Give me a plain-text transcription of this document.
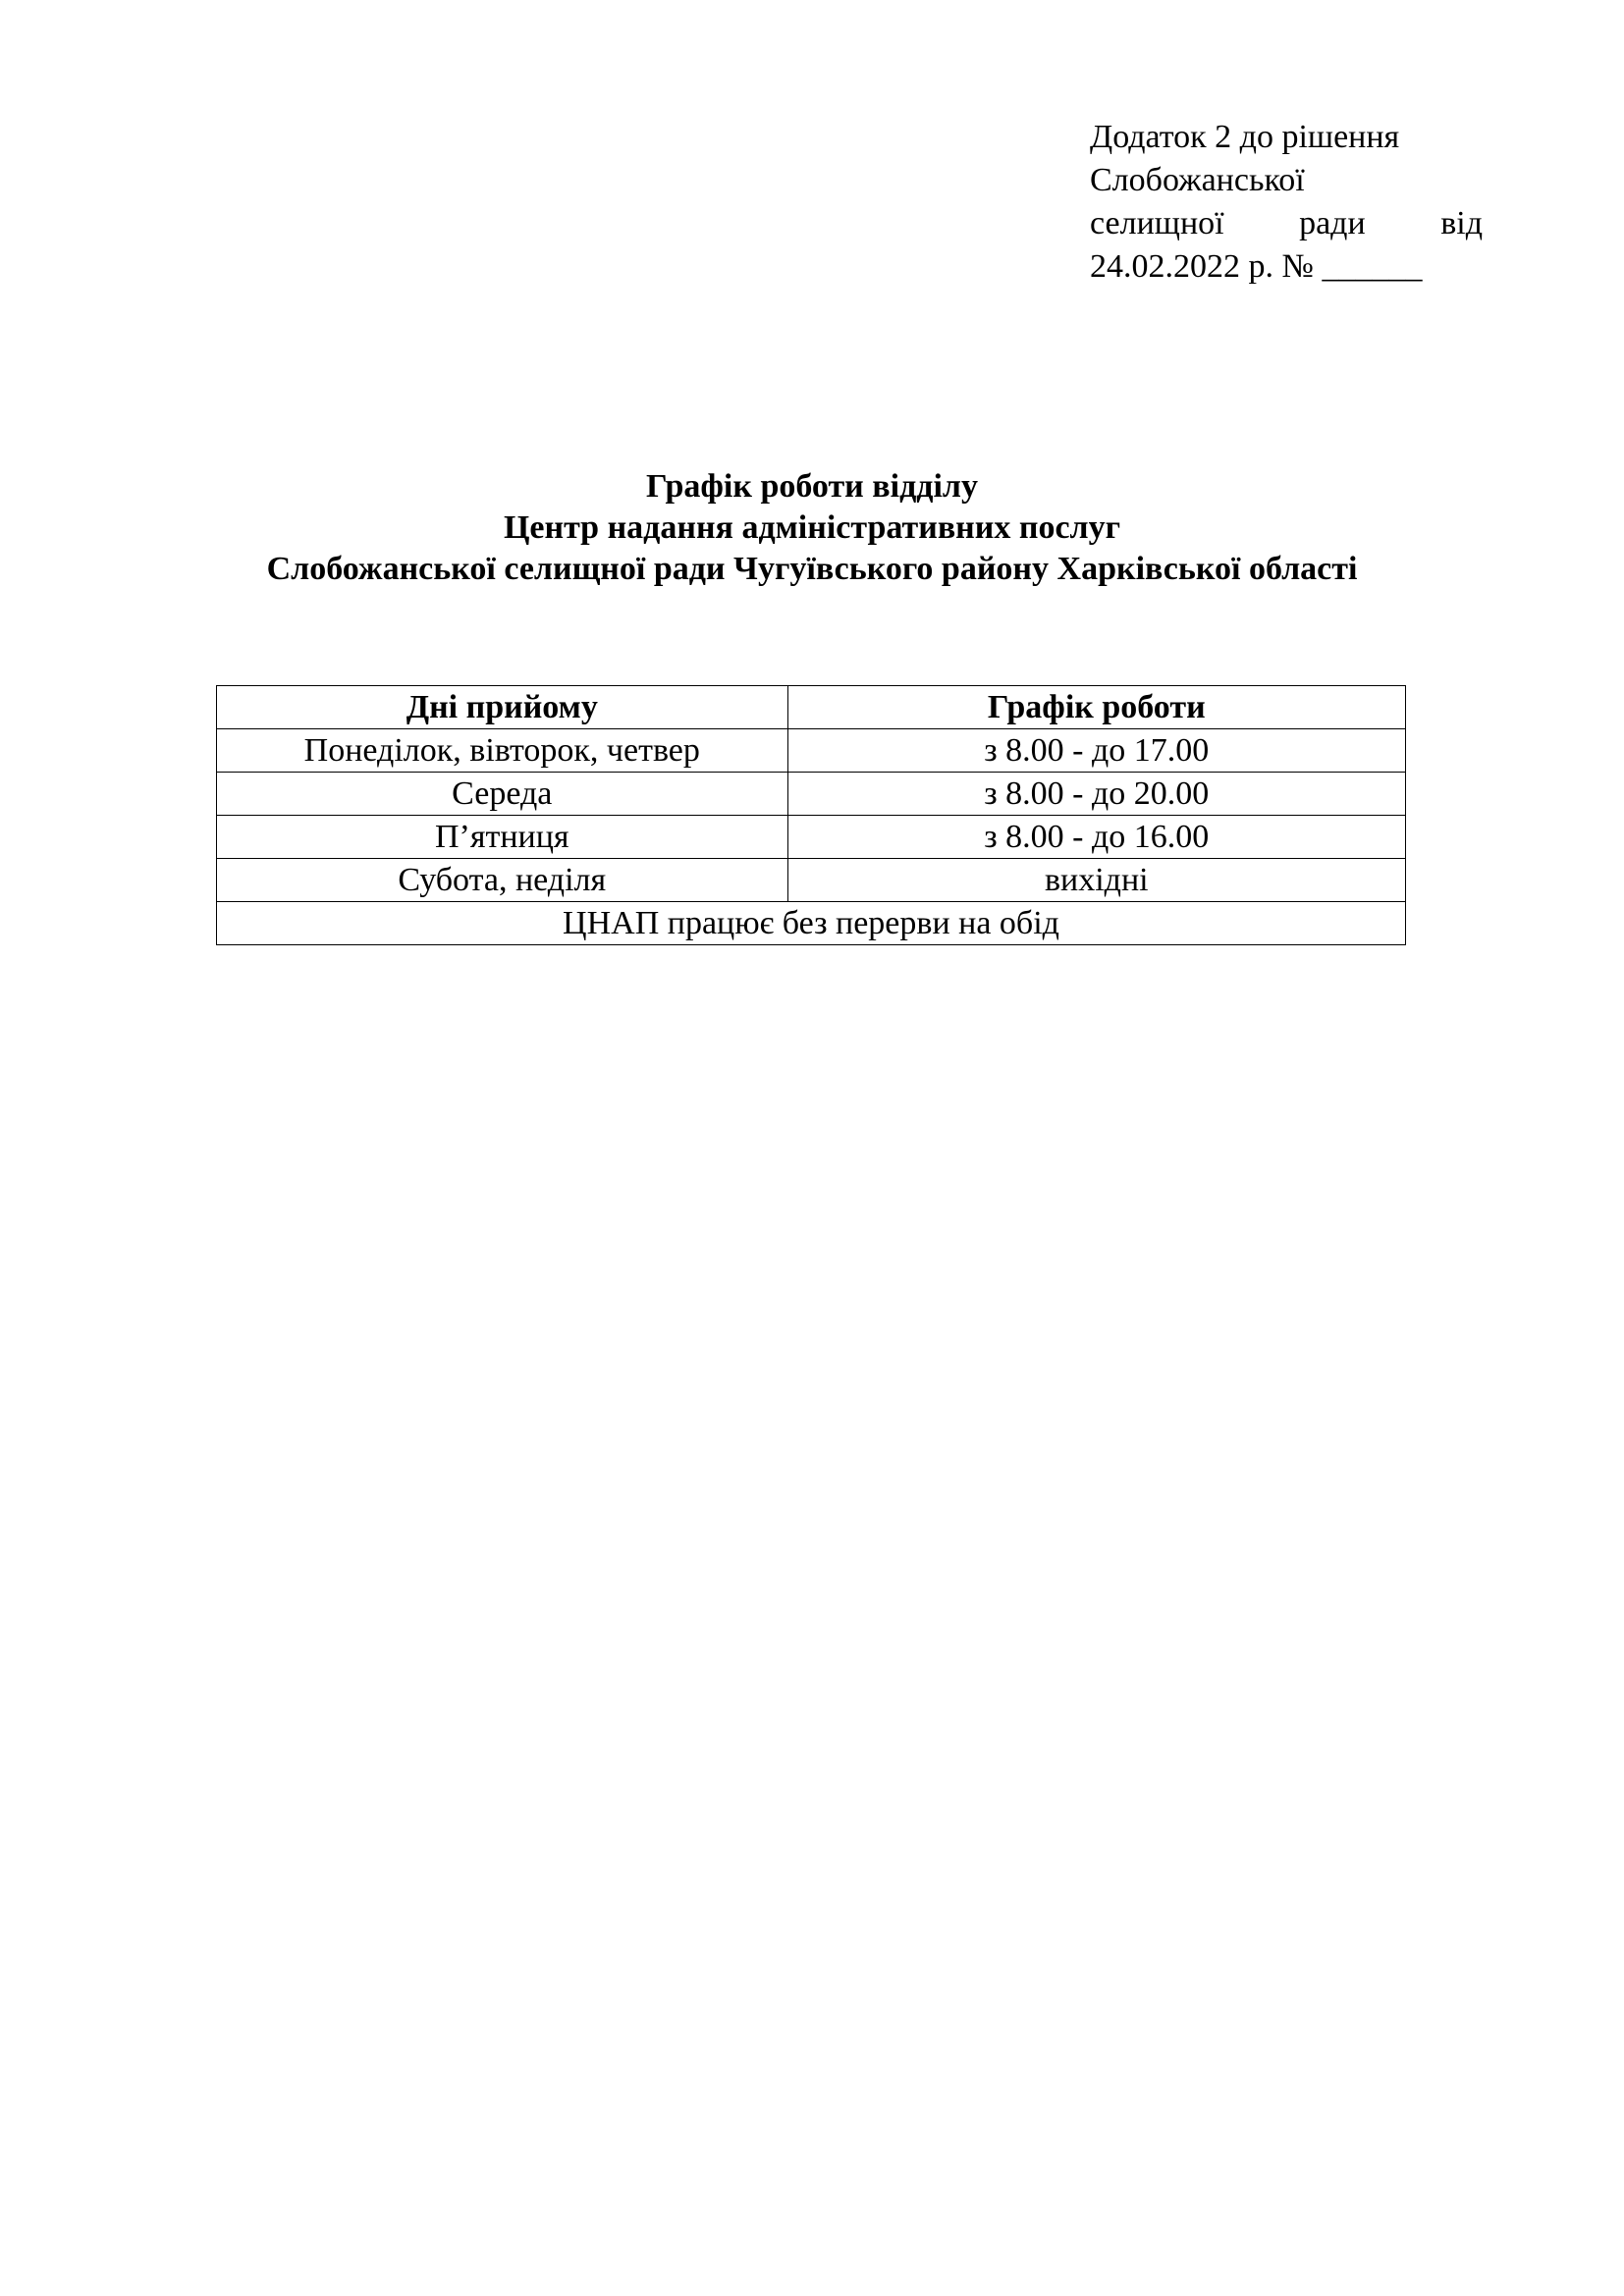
Додаток 2 до рішення
Слобожанської
селищної ради від
24.02.2022 р. № ______
Графік роботи відділу
Центр надання адміністративних послуг
Слобожанської селищної ради Чугуївського району Харківської області
Дні прийому	Графік роботи
Понеділок, вівторок, четвер	з 8.00 - до 17.00
Середа	з 8.00 - до 20.00
П’ятниця	з 8.00 - до 16.00
Субота, неділя	вихідні
ЦНАП працює без перерви на обід	
